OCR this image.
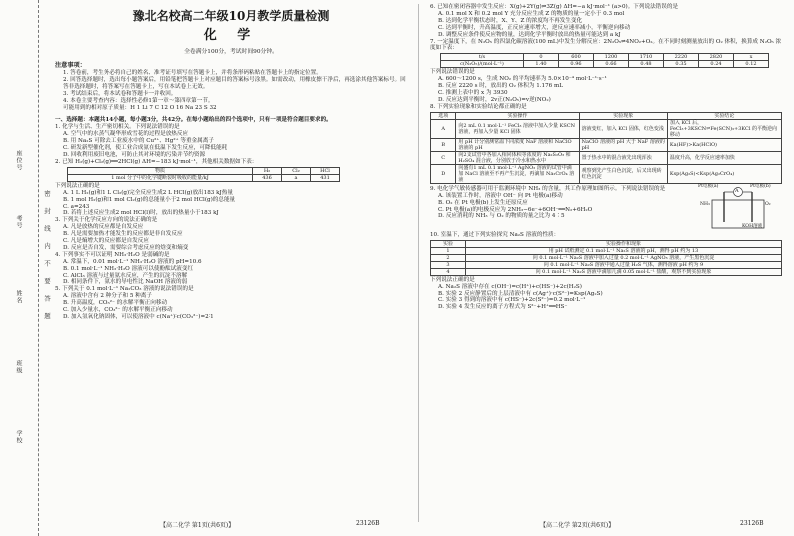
座位号
考号
姓名
班级
学校
密封线内不要答题
豫北名校高二年级10月教学质量检测
化 学
全卷满分100分，考试时间90分钟。
注意事项：
1. 答卷前，考生务必将自己的姓名、准考证号填写在答题卡上，并将条形码粘贴在答题卡上的指定位置。
2. 回答选择题时，选出每小题答案后，用铅笔把答题卡上对应题目的答案标号涂黑。如需改动，用橡皮擦干净后，再选涂其他答案标号。回答非选择题时，将答案写在答题卡上，写在本试卷上无效。
3. 考试结束后，将本试卷和答题卡一并收回。
4. 本卷主要考查内容：选择性必修1第一章～第四章第一节。
可能用到的相对原子质量：H 1 Li 7 C 12 O 16 Na 23 S 32
一、选择题：本题共14小题，每小题3分，共42分。在每小题给出的四个选项中，只有一项是符合题目要求的。
1. 化学与生活、生产密切相关。下列说法错误的是
A. 空气中的水蒸气凝华形成雪花的过程是放热反应
B. 用 Na₂S 可除去工业废水中的 Cu²⁺、Hg²⁺ 等重金属离子
C. 研发新型催化剂，使工业合成氨在低温下发生反应，可降低能耗
D. 回收利用废旧电池，可防止其对环境的污染并节约资源
2. 已知 H₂(g)+Cl₂(g)══2HCl(g) ΔH=−183 kJ·mol⁻¹，其他相关数据如下表：
物质	H₂	Cl₂	HCl
1 mol 分子中的化学键断裂时吸收的能量/kJ	436	a	431
下列说法正确的是
A. 1 L H₂(g)和1 L Cl₂(g)完全反应生成2 L HCl(g)放出183 kJ热量
B. 1 mol H₂(g)和1 mol Cl₂(g)的总能量小于2 mol HCl(g)的总能量
C. a=243
D. 若将上述反应生成2 mol HCl(l)时，放出的热量小于183 kJ
3. 下列关于化学反应方向的说法正确的是
A. 凡是放热的反应都是自发反应
B. 凡是需要加热才能发生的反应都是非自发反应
C. 凡是熵增大的反应都是自发反应
D. 反应是否自发，需要综合考虑反应的焓变和熵变
4. 下列事实不可以证明 NH₃·H₂O 是弱碱的是
A. 常温下，0.01 mol·L⁻¹ NH₃·H₂O 溶液的 pH=10.6
B. 0.1 mol·L⁻¹ NH₃·H₂O 溶液可以使酚酞试液变红
C. AlCl₃ 溶液与过量氨水反应，产生的沉淀不溶解
D. 相同条件下，氨水的导电性比 NaOH 溶液的弱
5. 下列关于 0.1 mol·L⁻¹ Na₂CO₃ 溶液的说法错误的是
A. 溶液中含有 2 种分子和 5 种离子
B. 升高温度，CO₃²⁻ 的水解平衡正向移动
C. 加入少量水，CO₃²⁻ 的水解平衡正向移动
D. 加入氢氧化钠固体，可以使溶液中 c(Na⁺)∶c(CO₃²⁻)=2∶1
6. 已知在密闭容器中发生反应：X(g)+2Y(g)⇌3Z(g) ΔH=−a kJ·mol⁻¹ (a>0)。下列说法错误的是
A. 0.1 mol X 和 0.2 mol Y 充分反应生成 Z 的物质的量一定小于 0.3 mol
B. 达到化学平衡状态时，X、Y、Z 的浓度均不再发生变化
C. 达到平衡时，升高温度，正反应速率增大，逆反应速率减小，平衡逆向移动
D. 调整反应条件使反应物的量，达到化学平衡时放出的热量可能达到 a kJ
7. 一定温度下，在 N₂O₅ 的四氯化碳溶液(100 mL)中发生分解反应：2N₂O₅⇌4NO₂+O₂。在不同时刻测量放出的 O₂ 体积，换算成 N₂O₅ 浓度如下表：
t/s	0	600	1200	1710	2220	2820	x
c(N₂O₅)/(mol·L⁻¹)	1.40	0.96	0.66	0.48	0.35	0.24	0.12
下列说法错误的是
A. 600～1200 s，生成 NO₂ 的平均速率为 5.0×10⁻⁴ mol·L⁻¹·s⁻¹
B. 反应 2220 s 时，放出的 O₂ 体积为 1.176 mL
C. 推测上表中的 x 为 3930
D. 反应达到平衡时，2v正(N₂O₅)=v逆(NO₂)
8. 下列实验现象和实验结论都正确的是
选项	实验操作	实验现象	实验结论
A	向2 mL 0.1 mol·L⁻¹ FeCl₃ 溶液中加入少量 KSCN 溶液，再加入少量 KCl 固体	溶液变红，加入 KCl 固体，红色变浅	加入 KCl 后，FeCl₃+3KSCN⇌Fe(SCN)₃+3KCl 的平衡逆向移动
B	用 pH 计分别测常温下同浓度 NaF 溶液和 NaClO 溶液的 pH	NaClO 溶液的 pH 大于 NaF 溶液的 pH	Ka(HF)>Ka(HClO)
C	向2支试管中各加入相同体积等浓度的 Na₂S₂O₃ 和 H₂SO₄ 混合液，分别放于冷水和热水中	置于热水中的混合液先出现浑浊	温度升高，化学反应速率加快
D	向盛有1 mL 0.1 mol·L⁻¹ AgNO₃ 溶液的试管中滴加 NaCl 溶液至不再产生沉淀，再滴加 Na₂CrO₄ 溶液	观察到先产生白色沉淀，后又出现砖红色沉淀	Ksp(Ag₂S)<Ksp(Ag₂CrO₄)
9. 电化学气敏传感器可用于监测环境中 NH₃ 的含量，其工作原理如图所示。下列说法错误的是
A. 该装置工作时，溶液中 OH⁻ 向 Pt 电极(a)移动
B. O₂ 在 Pt 电极(b)上发生还原反应
C. Pt 电极(a)的电极反应为 2NH₃−6e⁻+6OH⁻══N₂+6H₂O
D. 反应消耗的 NH₃ 与 O₂ 的物质的量之比为 4∶5
A
Pt电极(a)	Pt电极(b)
NH₃	O₂
KOH溶液
10. 室温下，通过下列实验探究 Na₂S 溶液的性质：
实验	实验操作和现象
1	用 pH 试纸测定 0.1 mol·L⁻¹ Na₂S 溶液的 pH，测得 pH 约为 13
2	向 0.1 mol·L⁻¹ Na₂S 溶液中加入过量 0.2 mol·L⁻¹ AgNO₃ 溶液，产生黑色沉淀
3	向 0.1 mol·L⁻¹ Na₂S 溶液中通入过量 H₂S 气体，测得溶液 pH 约为 9
4	向 0.1 mol·L⁻¹ Na₂S 溶液中滴加几滴 0.05 mol·L⁻¹ 盐酸，观察不到实验现象
下列说法正确的是
A. Na₂S 溶液中存在 c(OH⁻)=c(H⁺)+c(HS⁻)+2c(H₂S)
B. 实验 2 反应静置后的上层清液中有 c(Ag⁺)·c(S²⁻)=Ksp(Ag₂S)
C. 实验 3 得到的溶液中有 c(HS⁻)+2c(S²⁻)=0.2 mol·L⁻¹
D. 实验 4 发生反应的离子方程式为 S²⁻+H⁺══HS⁻
【高二化学 第1页(共6页)】	23126B	【高二化学 第2页(共6页)】	23126B
